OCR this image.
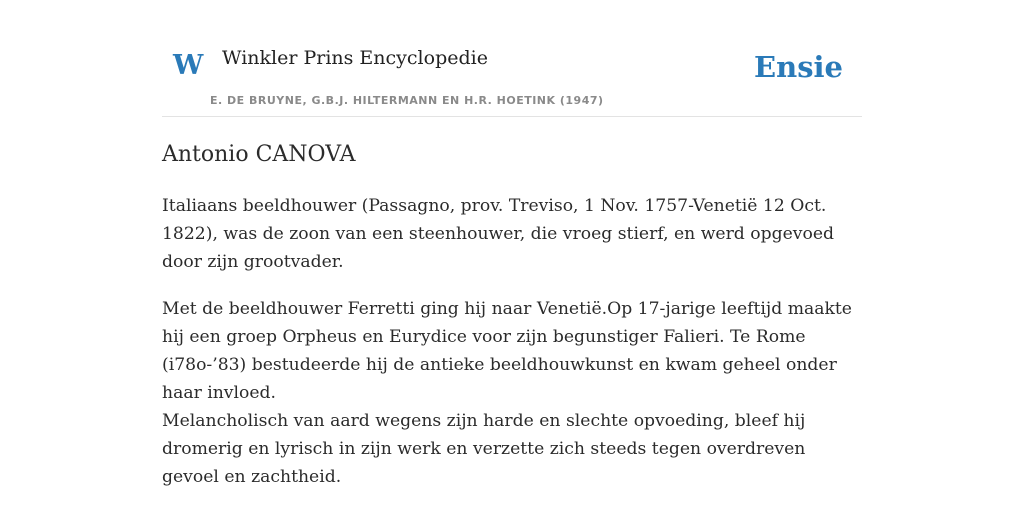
W Winkler Prins Encyclopedie
E. DE BRUYNE, G.B.J. HILTERMANN EN H.R. HOETINK (1947)
Ensie
Antonio CANOVA

Italiaans beeldhouwer (Passagno, prov. Treviso, 1 Nov. 1757-Venetië 12 Oct. 1822), was de zoon van een steenhouwer, die vroeg stierf, en werd opgevoed door zijn grootvader.

Met de beeldhouwer Ferretti ging hij naar Venetië.Op 17-jarige leeftijd maakte hij een groep Orpheus en Eurydice voor zijn begunstiger Falieri. Te Rome (i78o-’83) bestudeerde hij de antieke beeldhouwkunst en kwam geheel onder haar invloed.

Melancholisch van aard wegens zijn harde en slechte opvoeding, bleef hij dromerig en lyrisch in zijn werk en verzette zich steeds tegen overdreven gevoel en zachtheid.
